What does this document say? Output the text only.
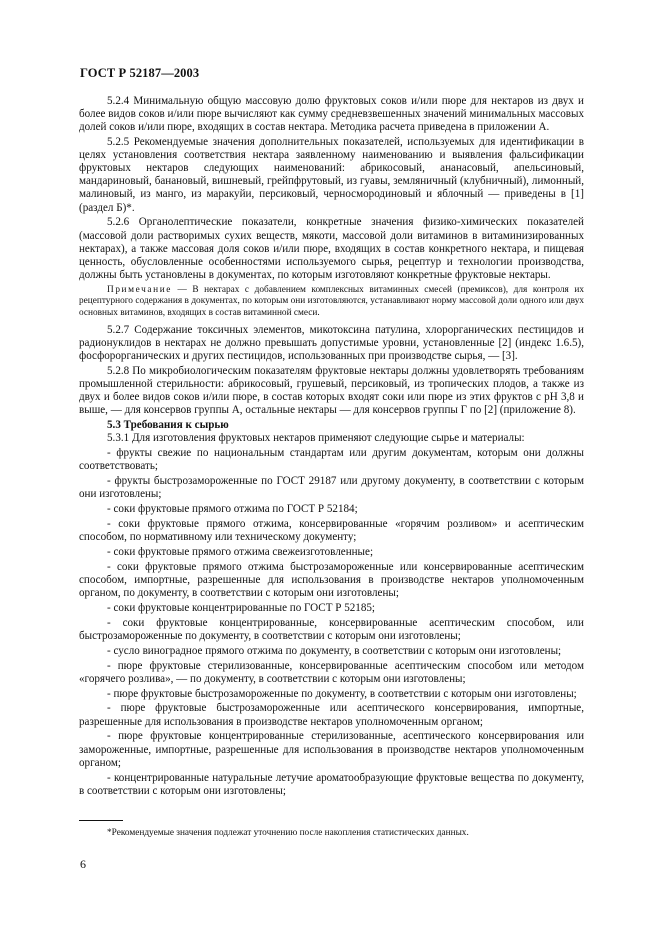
ГОСТ Р 52187—2003

5.2.4 Минимальную общую массовую долю фруктовых соков и/или пюре для нектаров из двух и более видов соков и/или пюре вычисляют как сумму средневзвешенных значений минимальных массовых долей соков и/или пюре, входящих в состав нектара. Методика расчета приведена в приложении А.

5.2.5 Рекомендуемые значения дополнительных показателей, используемых для идентификации в целях установления соответствия нектара заявленному наименованию и выявления фальсификации фруктовых нектаров следующих наименований: абрикосовый, ананасовый, апельсиновый, мандариновый, банановый, вишневый, грейпфрутовый, из гуавы, земляничный (клубничный), лимонный, малиновый, из манго, из маракуйи, персиковый, черносмородиновый и яблочный — приведены в [1] (раздел Б)*.

5.2.6 Органолептические показатели, конкретные значения физико-химических показателей (массовой доли растворимых сухих веществ, мякоти, массовой доли витаминов в витаминизированных нектарах), а также массовая доля соков и/или пюре, входящих в состав конкретного нектара, и пищевая ценность, обусловленные особенностями используемого сырья, рецептур и технологии производства, должны быть установлены в документах, по которым изготовляют конкретные фруктовые нектары.

Примечание — В нектарах с добавлением комплексных витаминных смесей (премиксов), для контроля их рецептурного содержания в документах, по которым они изготовляются, устанавливают норму массовой доли одного или двух основных витаминов, входящих в состав витаминной смеси.

5.2.7 Содержание токсичных элементов, микотоксина патулина, хлорорганических пестицидов и радионуклидов в нектарах не должно превышать допустимые уровни, установленные [2] (индекс 1.6.5), фосфорорганических и других пестицидов, использованных при производстве сырья, — [3].

5.2.8 По микробиологическим показателям фруктовые нектары должны удовлетворять требованиям промышленной стерильности: абрикосовый, грушевый, персиковый, из тропических плодов, а также из двух и более видов соков и/или пюре, в состав которых входят соки или пюре из этих фруктов с pH 3,8 и выше, — для консервов группы А, остальные нектары — для консервов группы Г по [2] (приложение 8).

5.3 Требования к сырью

5.3.1 Для изготовления фруктовых нектаров применяют следующие сырье и материалы:

- фрукты свежие по национальным стандартам или другим документам, которым они должны соответствовать;

- фрукты быстрозамороженные по ГОСТ 29187 или другому документу, в соответствии с которым они изготовлены;

- соки фруктовые прямого отжима по ГОСТ Р 52184;

- соки фруктовые прямого отжима, консервированные «горячим розливом» и асептическим способом, по нормативному или техническому документу;

- соки фруктовые прямого отжима свежеизготовленные;

- соки фруктовые прямого отжима быстрозамороженные или консервированные асептическим способом, импортные, разрешенные для использования в производстве нектаров уполномоченным органом, по документу, в соответствии с которым они изготовлены;

- соки фруктовые концентрированные по ГОСТ Р 52185;

- соки фруктовые концентрированные, консервированные асептическим способом, или быстрозамороженные по документу, в соответствии с которым они изготовлены;

- сусло виноградное прямого отжима по документу, в соответствии с которым они изготовлены;

- пюре фруктовые стерилизованные, консервированные асептическим способом или методом «горячего розлива», — по документу, в соответствии с которым они изготовлены;

- пюре фруктовые быстрозамороженные по документу, в соответствии с которым они изготовлены;

- пюре фруктовые быстрозамороженные или асептического консервирования, импортные, разрешенные для использования в производстве нектаров уполномоченным органом;

- пюре фруктовые концентрированные стерилизованные, асептического консервирования или замороженные, импортные, разрешенные для использования в производстве нектаров уполномоченным органом;

- концентрированные натуральные летучие ароматообразующие фруктовые вещества по документу, в соответствии с которым они изготовлены;

*Рекомендуемые значения подлежат уточнению после накопления статистических данных.
6
